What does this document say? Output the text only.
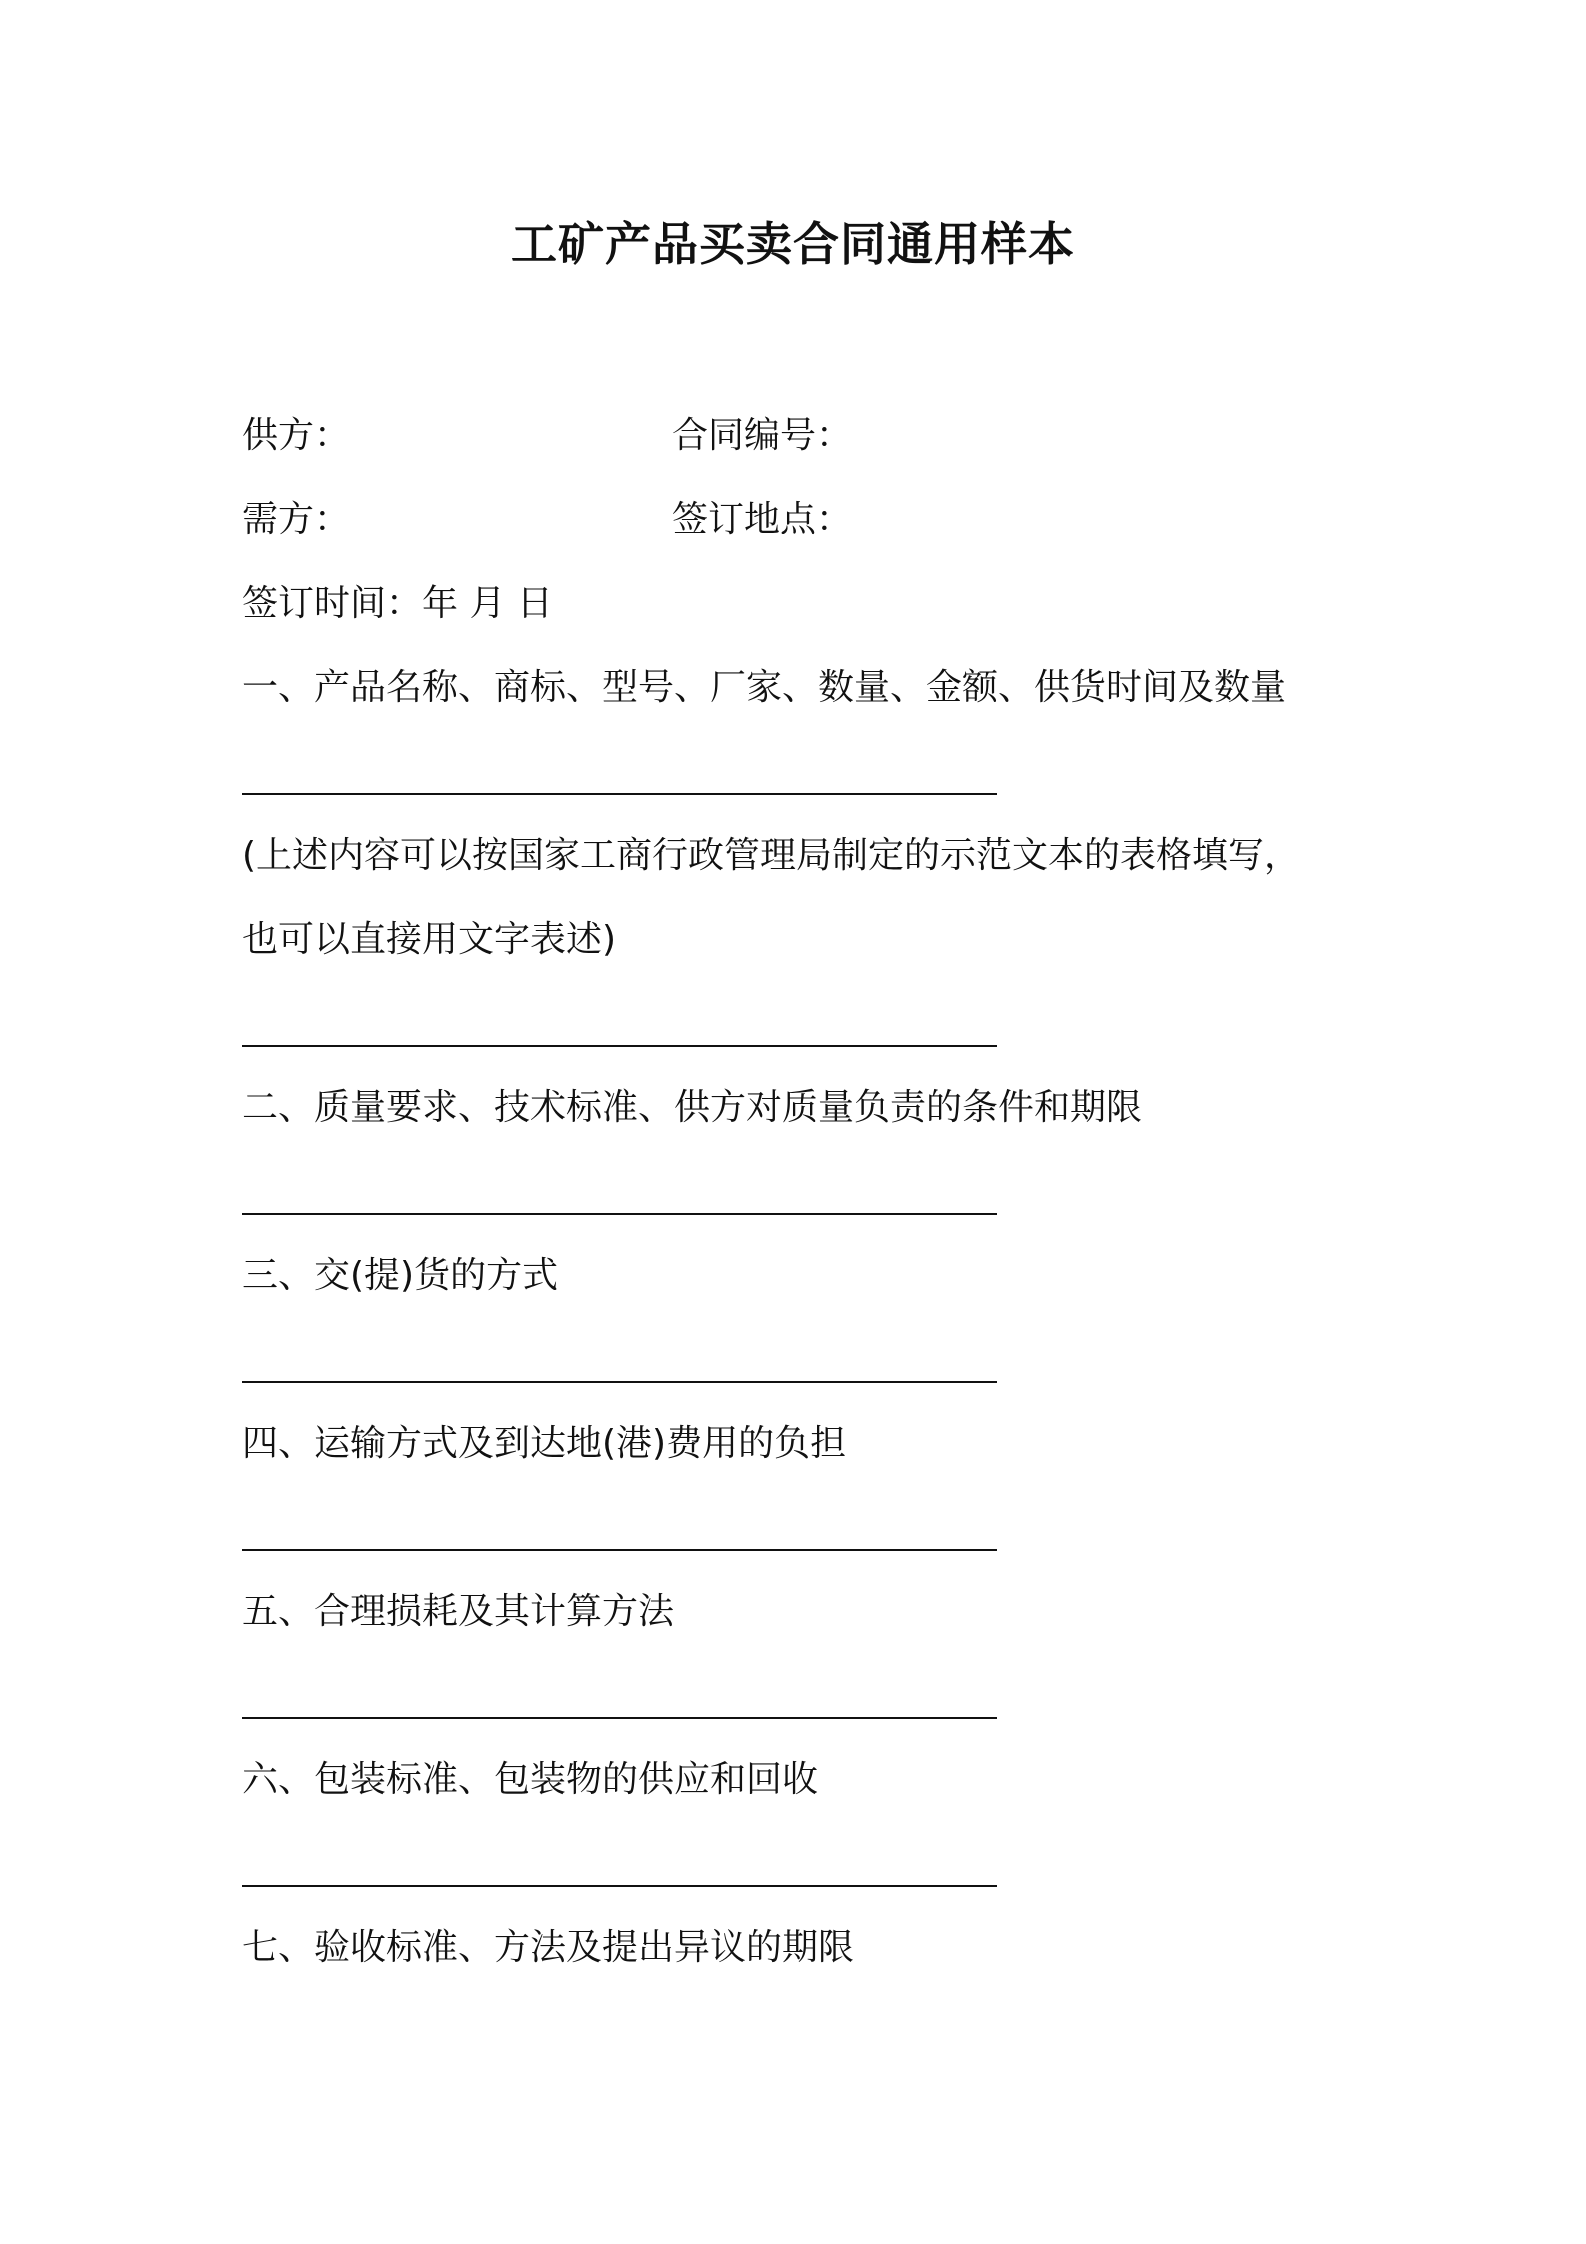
工矿产品买卖合同通用样本
供方：	合同编号：
需方：	签订地点：
签订时间：年 月 日
一、产品名称、商标、型号、厂家、数量、金额、供货时间及数量
(上述内容可以按国家工商行政管理局制定的示范文本的表格填写，
也可以直接用文字表述)
二、质量要求、技术标准、供方对质量负责的条件和期限
三、交(提)货的方式
四、运输方式及到达地(港)费用的负担
五、合理损耗及其计算方法
六、包装标准、包装物的供应和回收
七、验收标准、方法及提出异议的期限
